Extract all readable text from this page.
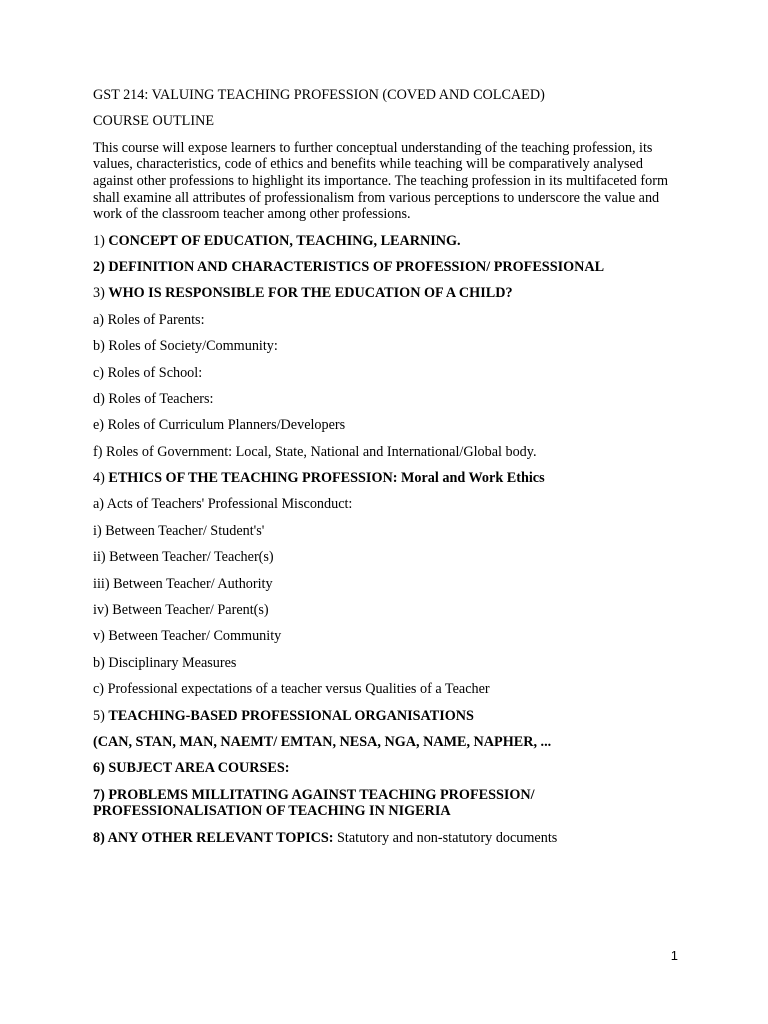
GST 214: VALUING TEACHING PROFESSION (COVED AND COLCAED)

COURSE OUTLINE

This course will expose learners to further conceptual understanding of the teaching profession, its values, characteristics, code of ethics and benefits while teaching will be comparatively analysed against other professions to highlight its importance. The teaching profession in its multifaceted form shall examine all attributes of professionalism from various perceptions to underscore the value and work of the classroom teacher among other professions.

1) CONCEPT OF EDUCATION, TEACHING, LEARNING.

2) DEFINITION AND CHARACTERISTICS OF PROFESSION/ PROFESSIONAL

3) WHO IS RESPONSIBLE FOR THE EDUCATION OF A CHILD?

a) Roles of Parents:

b) Roles of Society/Community:

c) Roles of School:

d) Roles of Teachers:

e) Roles of Curriculum Planners/Developers

f) Roles of Government: Local, State, National and International/Global body.

4) ETHICS OF THE TEACHING PROFESSION: Moral and Work Ethics

a) Acts of Teachers' Professional Misconduct:

i) Between Teacher/ Student's'

ii) Between Teacher/ Teacher(s)

iii) Between Teacher/ Authority

iv) Between Teacher/ Parent(s)

v) Between Teacher/ Community

b) Disciplinary Measures

c) Professional expectations of a teacher versus Qualities of a Teacher

5) TEACHING-BASED PROFESSIONAL ORGANISATIONS

(CAN, STAN, MAN, NAEMT/ EMTAN, NESA, NGA, NAME, NAPHER, ...

6) SUBJECT AREA COURSES:

7) PROBLEMS MILLITATING AGAINST TEACHING PROFESSION/
PROFESSIONALISATION OF TEACHING IN NIGERIA

8) ANY OTHER RELEVANT TOPICS: Statutory and non-statutory documents

1
